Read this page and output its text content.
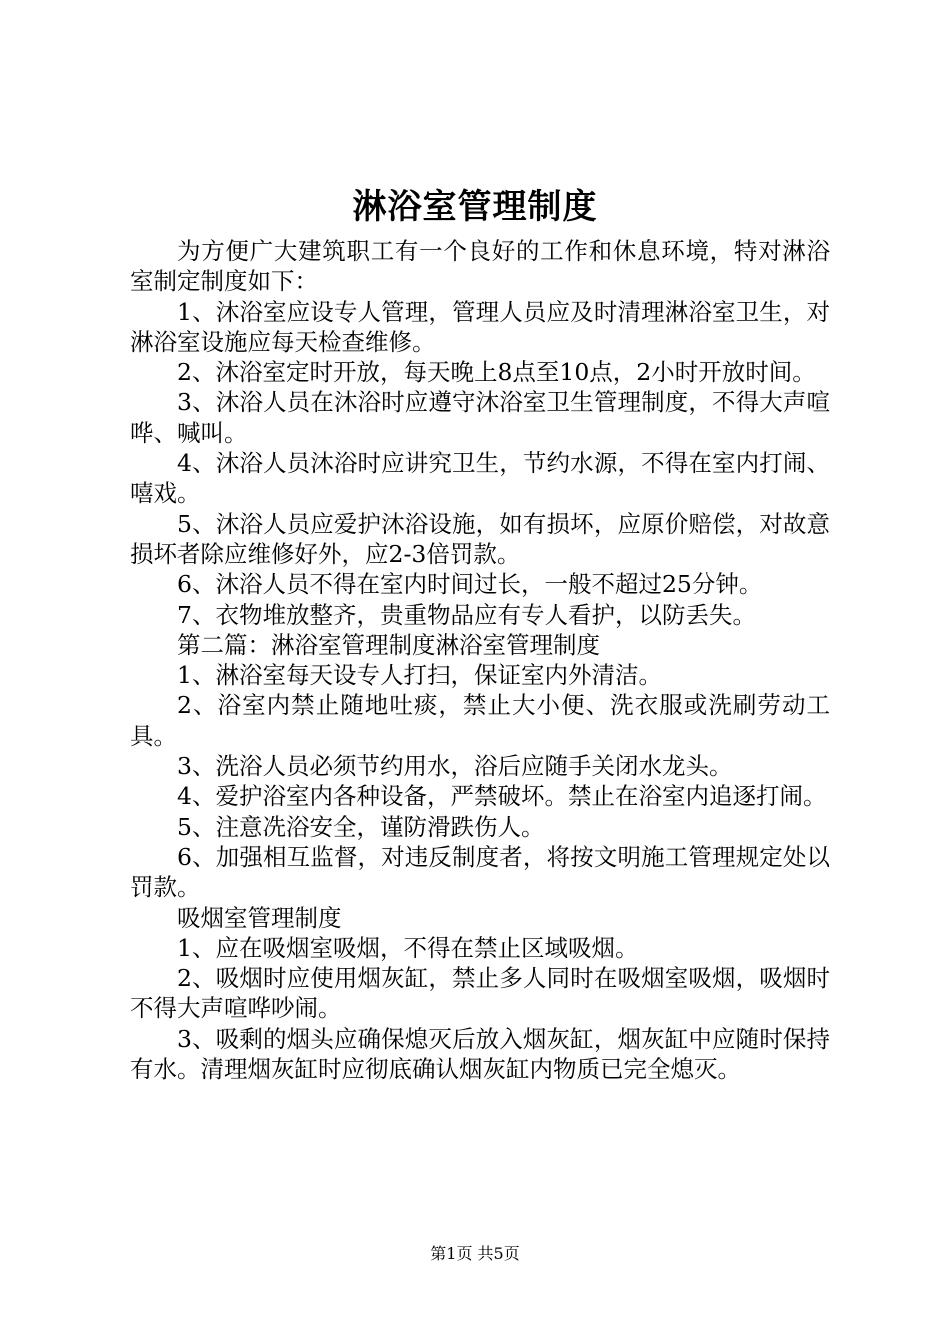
淋浴室管理制度

为方便广大建筑职工有一个良好的工作和休息环境，特对淋浴室制定制度如下：

1、沐浴室应设专人管理，管理人员应及时清理淋浴室卫生，对淋浴室设施应每天检查维修。

2、沐浴室定时开放，每天晚上8点至10点，2小时开放时间。

3、沐浴人员在沐浴时应遵守沐浴室卫生管理制度，不得大声喧哗、喊叫。

4、沐浴人员沐浴时应讲究卫生，节约水源，不得在室内打闹、嘻戏。

5、沐浴人员应爱护沐浴设施，如有损坏，应原价赔偿，对故意损坏者除应维修好外，应2-3倍罚款。

6、沐浴人员不得在室内时间过长，一般不超过25分钟。

7、衣物堆放整齐，贵重物品应有专人看护，以防丢失。

第二篇：淋浴室管理制度淋浴室管理制度

1、淋浴室每天设专人打扫，保证室内外清洁。

2、浴室内禁止随地吐痰，禁止大小便、洗衣服或洗刷劳动工具。

3、洗浴人员必须节约用水，浴后应随手关闭水龙头。

4、爱护浴室内各种设备，严禁破坏。禁止在浴室内追逐打闹。

5、注意冼浴安全，谨防滑跌伤人。

6、加强相互监督，对违反制度者，将按文明施工管理规定处以罚款。

吸烟室管理制度

1、应在吸烟室吸烟，不得在禁止区域吸烟。

2、吸烟时应使用烟灰缸，禁止多人同时在吸烟室吸烟，吸烟时不得大声喧哗吵闹。

3、吸剩的烟头应确保熄灭后放入烟灰缸，烟灰缸中应随时保持有水。清理烟灰缸时应彻底确认烟灰缸内物质已完全熄灭。

第1页 共5页
